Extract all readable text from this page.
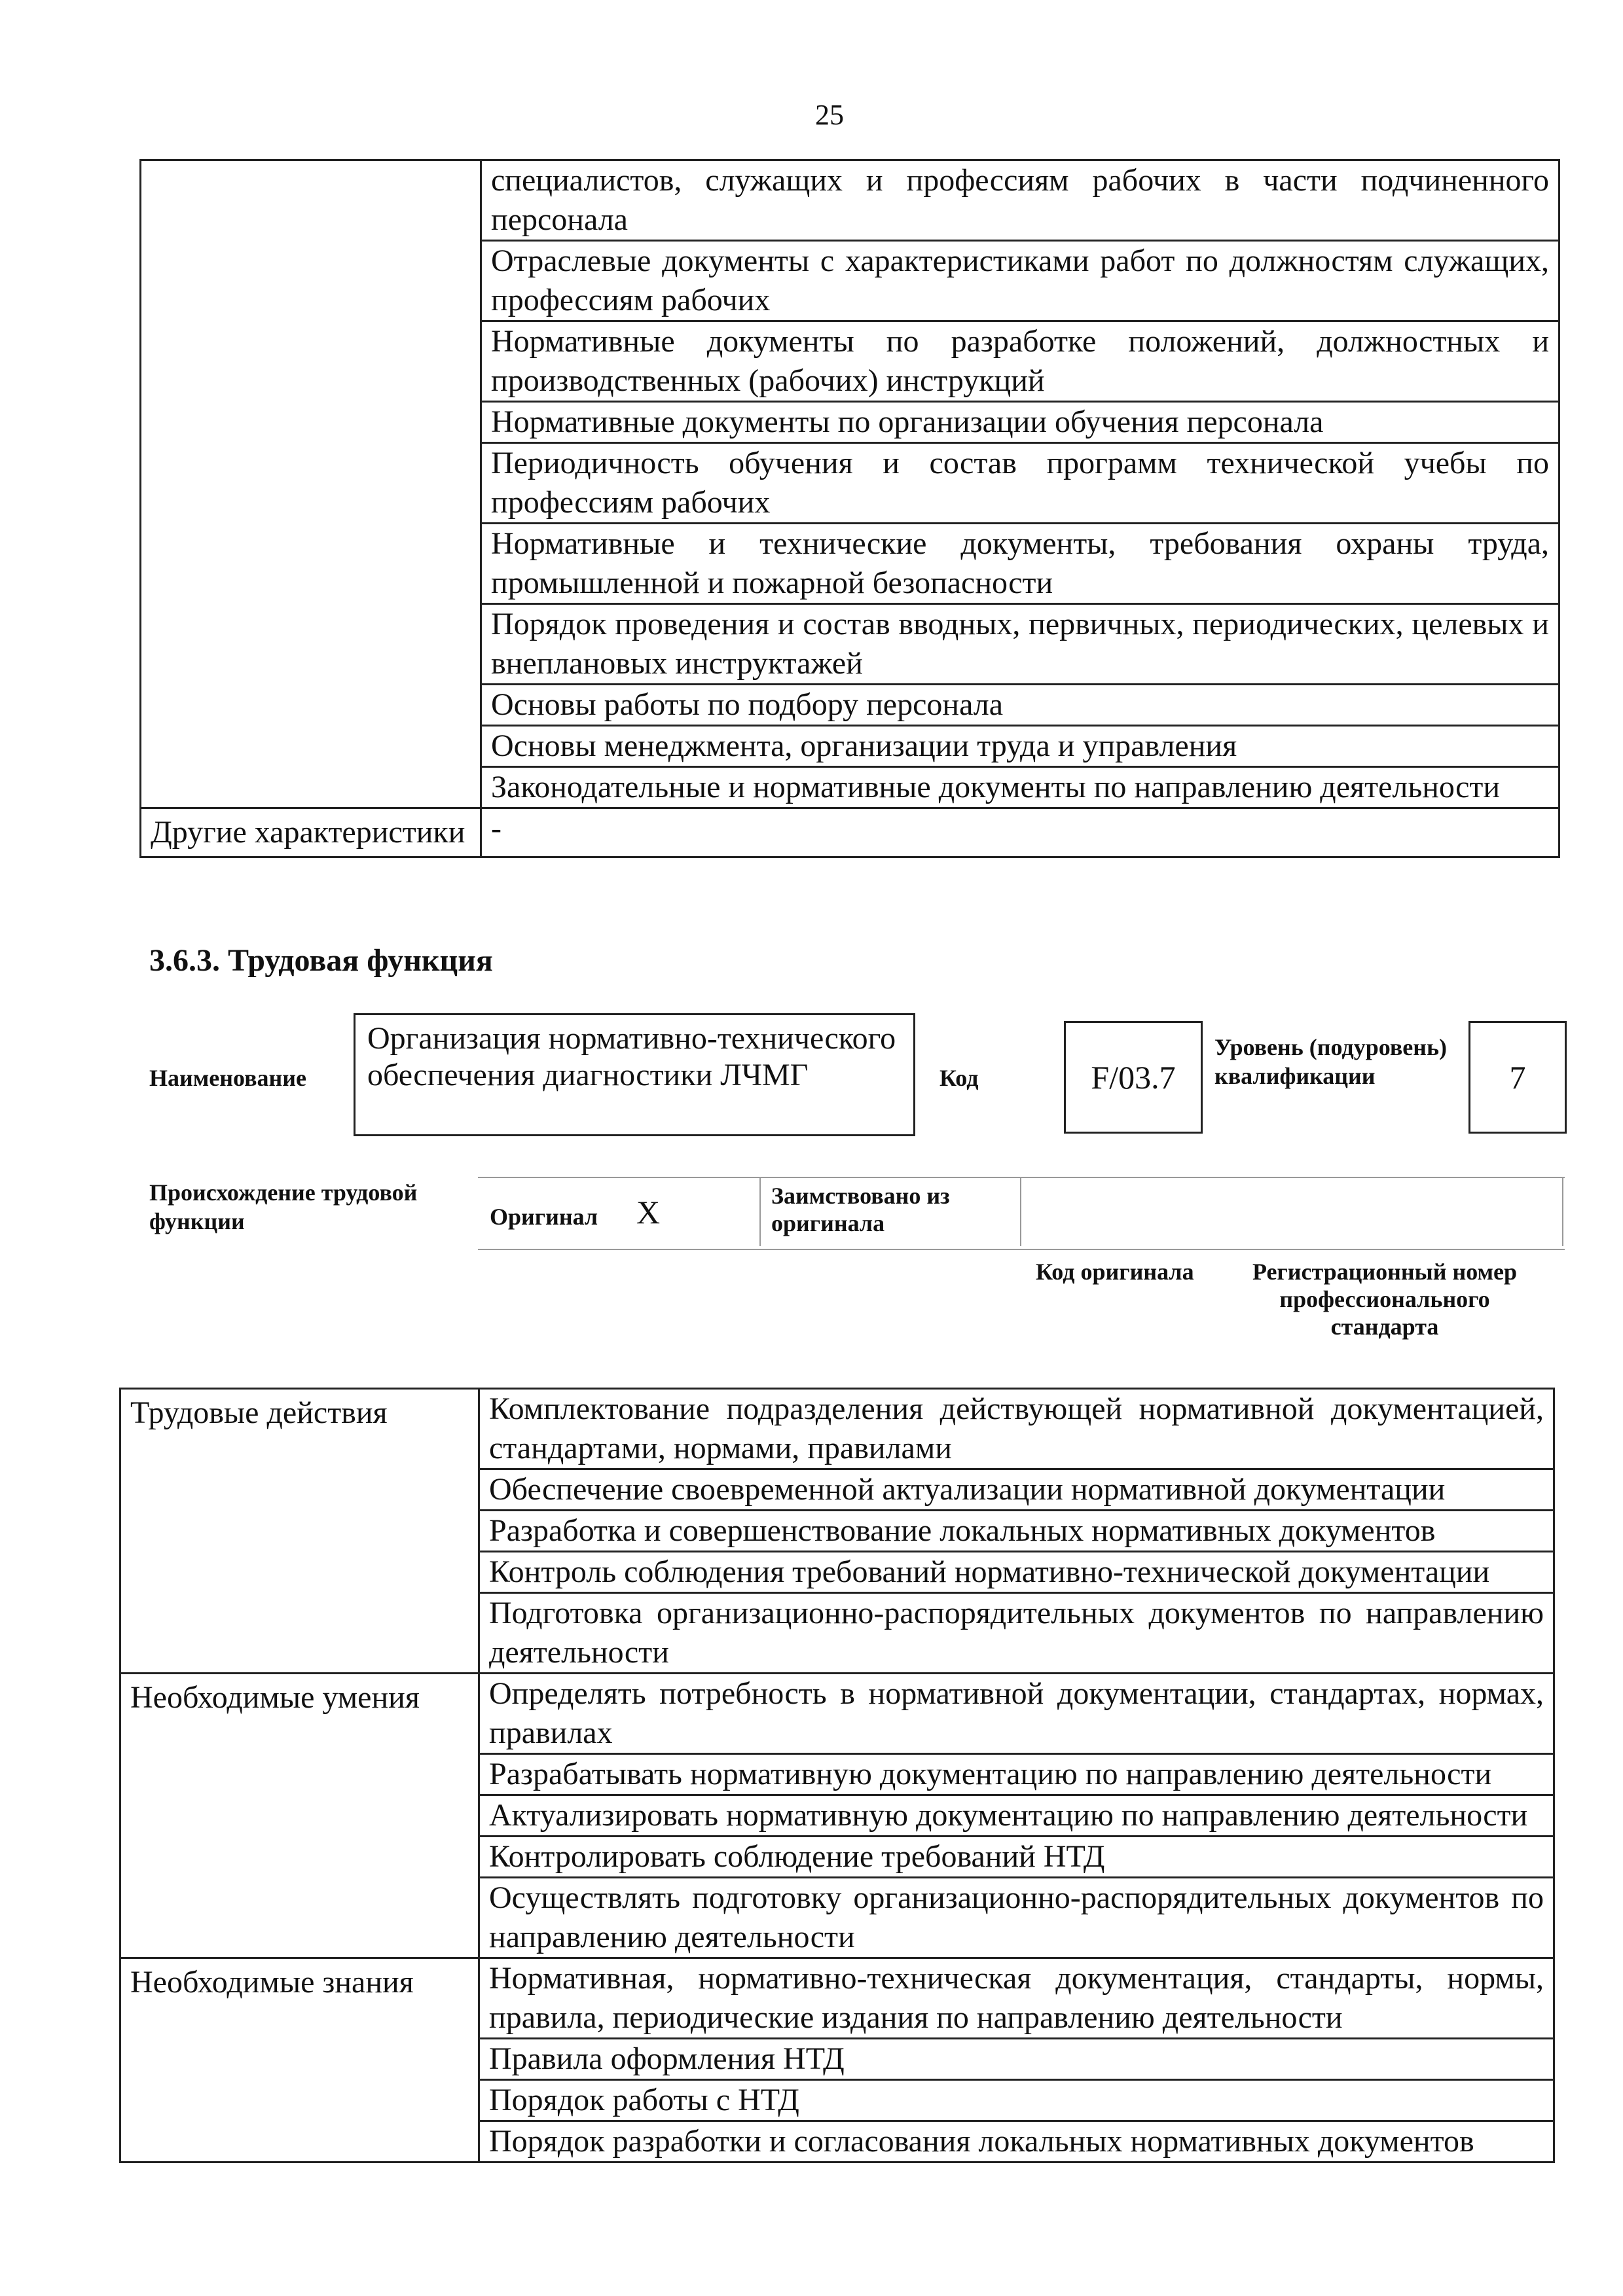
25
	специалистов, служащих и профессиям рабочих в части подчиненного персонала
	Отраслевые документы с характеристиками работ по должностям служащих, профессиям рабочих
	Нормативные документы по разработке положений, должностных и производственных (рабочих) инструкций
	Нормативные документы по организации обучения персонала
	Периодичность обучения и состав программ технической учебы по профессиям рабочих
	Нормативные и технические документы, требования охраны труда, промышленной и пожарной безопасности
	Порядок проведения и состав вводных, первичных, периодических, целевых и внеплановых инструктажей
	Основы работы по подбору персонала
	Основы менеджмента, организации труда и управления
	Законодательные и нормативные документы по направлению деятельности
Другие характеристики	-
3.6.3. Трудовая функция
Наименование
Организация нормативно-технического обеспечения диагностики ЛЧМГ	Код	F/03.7
Уровень (подуровень) квалификации	7
Происхождение трудовой функции	Оригинал X	Заимствовано из оригинала
Код оригинала	Регистрационный номер профессионального стандарта
Трудовые действия	Комплектование подразделения действующей нормативной документацией, стандартами, нормами, правилами
	Обеспечение своевременной актуализации нормативной документации
	Разработка и совершенствование локальных нормативных документов
	Контроль соблюдения требований нормативно-технической документации
	Подготовка организационно-распорядительных документов по направлению деятельности
Необходимые умения	Определять потребность в нормативной документации, стандартах, нормах, правилах
	Разрабатывать нормативную документацию по направлению деятельности
	Актуализировать нормативную документацию по направлению деятельности
	Контролировать соблюдение требований НТД
	Осуществлять подготовку организационно-распорядительных документов по направлению деятельности
Необходимые знания	Нормативная, нормативно-техническая документация, стандарты, нормы, правила, периодические издания по направлению деятельности
	Правила оформления НТД
	Порядок работы с НТД
	Порядок разработки и согласования локальных нормативных документов
